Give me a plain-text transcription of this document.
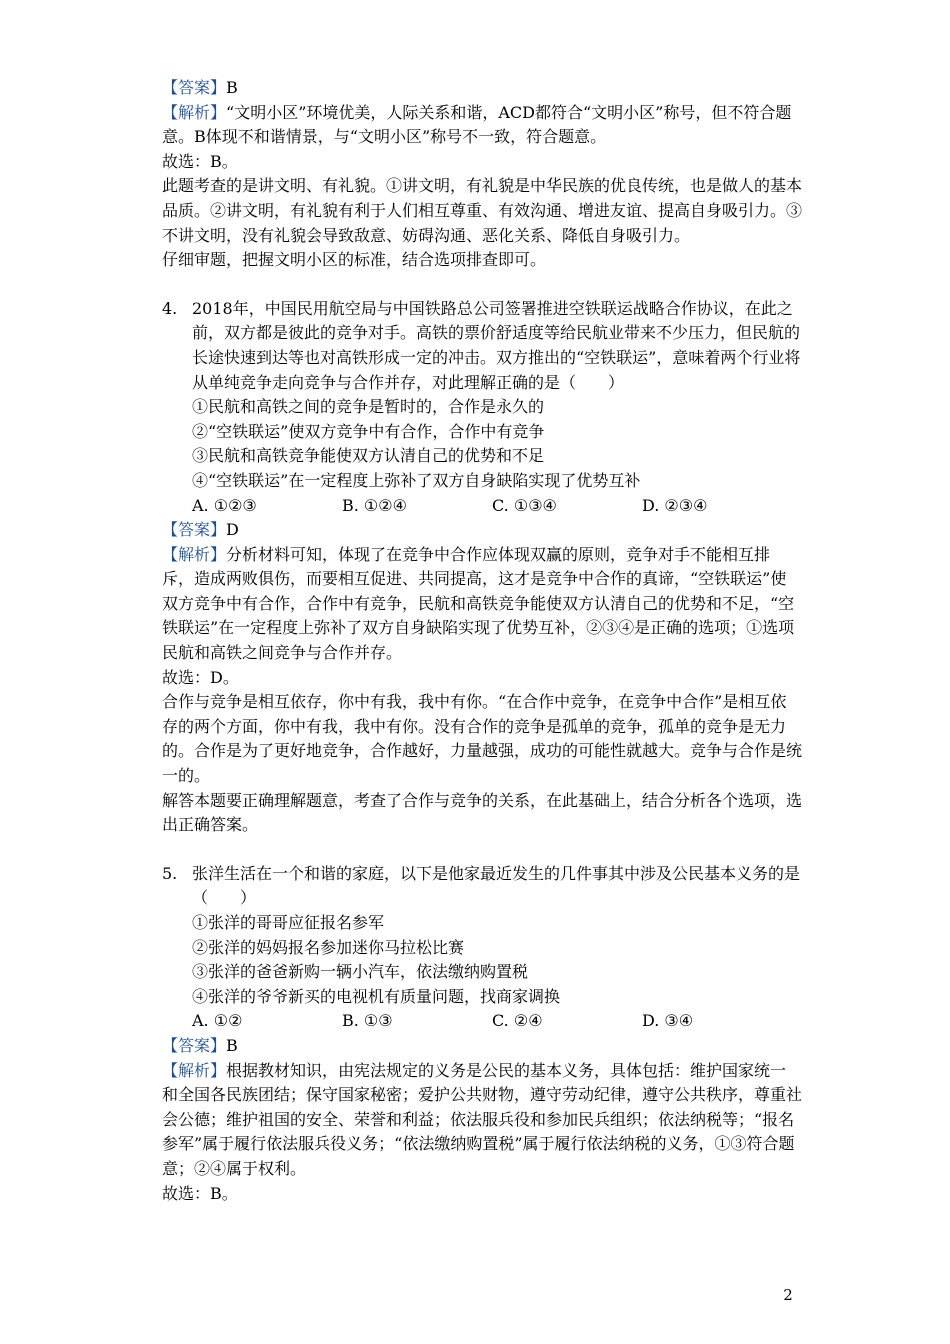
【答案】B

【解析】“文明小区”环境优美，人际关系和谐，ACD都符合“文明小区”称号，但不符合题意。B体现不和谐情景，与“文明小区”称号不一致，符合题意。

故选：B。

此题考查的是讲文明、有礼貌。①讲文明，有礼貌是中华民族的优良传统，也是做人的基本品质。②讲文明，有礼貌有利于人们相互尊重、有效沟通、增进友谊、提高自身吸引力。③不讲文明，没有礼貌会导致敌意、妨碍沟通、恶化关系、降低自身吸引力。

仔细审题，把握文明小区的标准，结合选项排查即可。

4. 2018年，中国民用航空局与中国铁路总公司签署推进空铁联运战略合作协议，在此之前，双方都是彼此的竞争对手。高铁的票价舒适度等给民航业带来不少压力，但民航的长途快速到达等也对高铁形成一定的冲击。双方推出的“空铁联运”，意味着两个行业将从单纯竞争走向竞争与合作并存，对此理解正确的是（　　）

①民航和高铁之间的竞争是暂时的，合作是永久的
②“空铁联运”使双方竞争中有合作，合作中有竞争
③民航和高铁竞争能使双方认清自己的优势和不足
④“空铁联运”在一定程度上弥补了双方自身缺陷实现了优势互补
A. ①②③	B. ①②④	C. ①③④	D. ②③④

【答案】D

【解析】分析材料可知，体现了在竞争中合作应体现双赢的原则，竞争对手不能相互排斥，造成两败俱伤，而要相互促进、共同提高，这才是竞争中合作的真谛，“空铁联运”使双方竞争中有合作，合作中有竞争，民航和高铁竞争能使双方认清自己的优势和不足，“空铁联运”在一定程度上弥补了双方自身缺陷实现了优势互补，②③④是正确的选项；①选项民航和高铁之间竞争与合作并存。

故选：D。

合作与竞争是相互依存，你中有我，我中有你。“在合作中竞争，在竞争中合作”是相互依存的两个方面，你中有我，我中有你。没有合作的竞争是孤单的竞争，孤单的竞争是无力的。合作是为了更好地竞争，合作越好，力量越强，成功的可能性就越大。竞争与合作是统一的。

解答本题要正确理解题意，考查了合作与竞争的关系，在此基础上，结合分析各个选项，选出正确答案。

5. 张洋生活在一个和谐的家庭，以下是他家最近发生的几件事其中涉及公民基本义务的是（　　）

①张洋的哥哥应征报名参军
②张洋的妈妈报名参加迷你马拉松比赛
③张洋的爸爸新购一辆小汽车，依法缴纳购置税
④张洋的爷爷新买的电视机有质量问题，找商家调换
A. ①②	B. ①③	C. ②④	D. ③④

【答案】B

【解析】根据教材知识，由宪法规定的义务是公民的基本义务，具体包括：维护国家统一和全国各民族团结；保守国家秘密；爱护公共财物，遵守劳动纪律，遵守公共秩序，尊重社会公德；维护祖国的安全、荣誉和利益；依法服兵役和参加民兵组织；依法纳税等；“报名参军”属于履行依法服兵役义务；“依法缴纳购置税”属于履行依法纳税的义务，①③符合题意；②④属于权利。

故选：B。

2
